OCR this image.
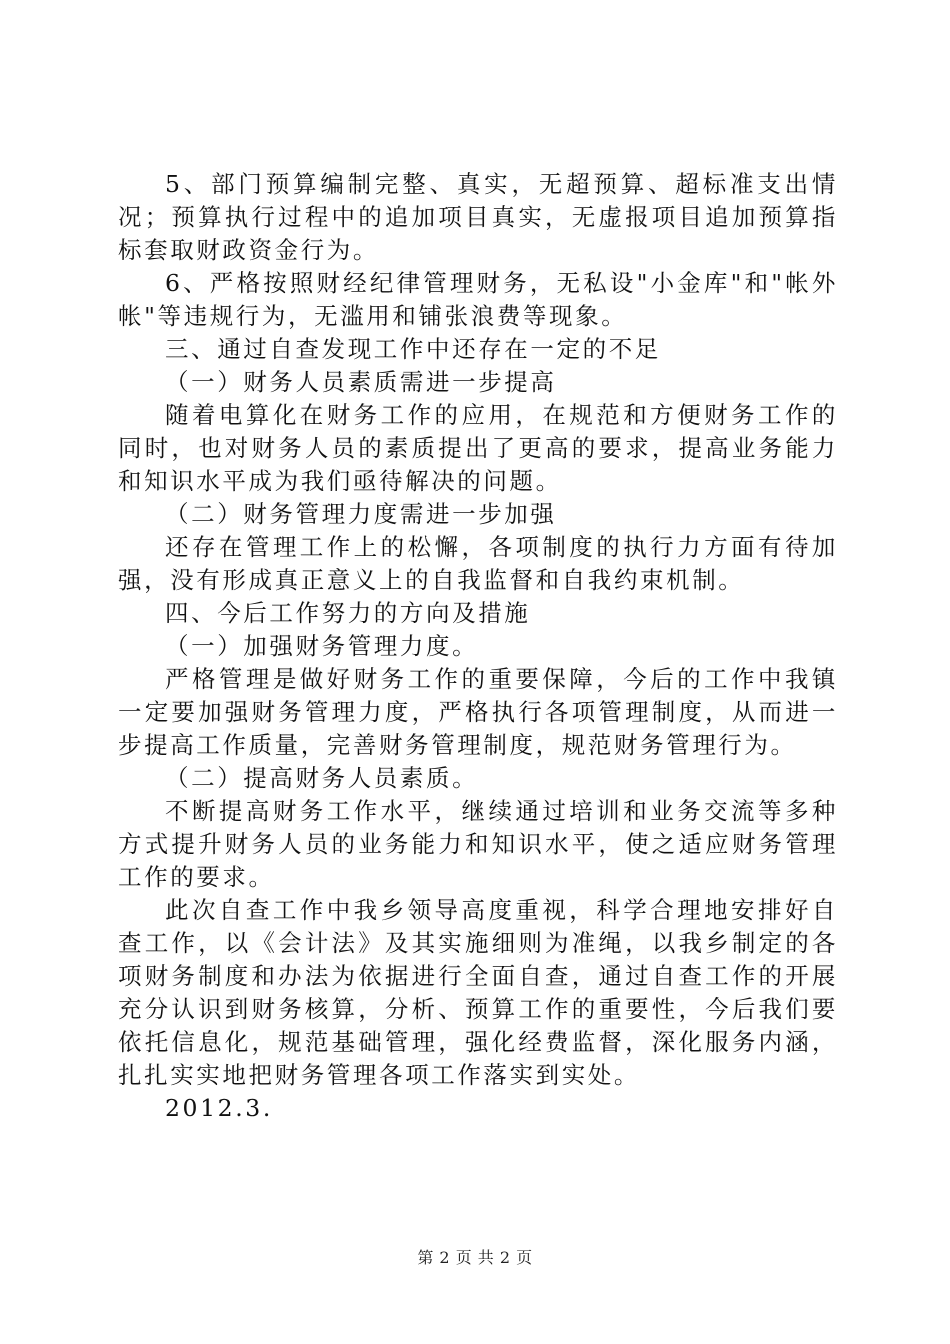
5、部门预算编制完整、真实，无超预算、超标准支出情况；预算执行过程中的追加项目真实，无虚报项目追加预算指标套取财政资金行为。

6、严格按照财经纪律管理财务，无私设"小金库"和"帐外帐"等违规行为，无滥用和铺张浪费等现象。

三、通过自查发现工作中还存在一定的不足

（一）财务人员素质需进一步提高

随着电算化在财务工作的应用，在规范和方便财务工作的同时，也对财务人员的素质提出了更高的要求，提高业务能力和知识水平成为我们亟待解决的问题。

（二）财务管理力度需进一步加强

还存在管理工作上的松懈，各项制度的执行力方面有待加强，没有形成真正意义上的自我监督和自我约束机制。

四、今后工作努力的方向及措施

（一）加强财务管理力度。

严格管理是做好财务工作的重要保障，今后的工作中我镇一定要加强财务管理力度，严格执行各项管理制度，从而进一步提高工作质量，完善财务管理制度，规范财务管理行为。

（二）提高财务人员素质。

不断提高财务工作水平，继续通过培训和业务交流等多种方式提升财务人员的业务能力和知识水平，使之适应财务管理工作的要求。

此次自查工作中我乡领导高度重视，科学合理地安排好自查工作，以《会计法》及其实施细则为准绳，以我乡制定的各项财务制度和办法为依据进行全面自查，通过自查工作的开展充分认识到财务核算，分析、预算工作的重要性，今后我们要依托信息化，规范基础管理，强化经费监督，深化服务内涵，扎扎实实地把财务管理各项工作落实到实处。

2012.3.

第 2 页 共 2 页
